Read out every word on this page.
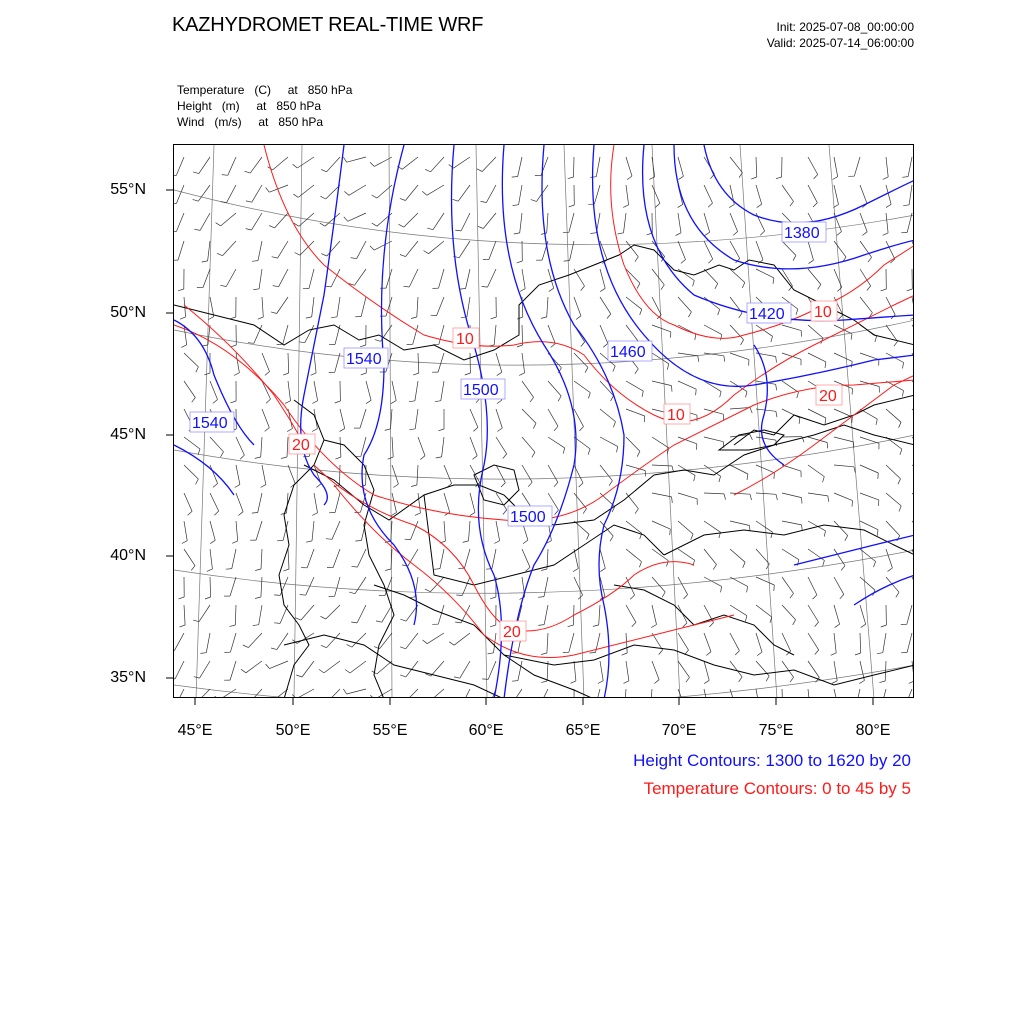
KAZHYDROMET REAL-TIME WRF	Init: 2025-07-08_00:00:00
Valid: 2025-07-14_06:00:00
Temperature   (C)     at   850 hPa
Height   (m)     at   850 hPa
Wind   (m/s)     at   850 hPa
1380
1420
1460
1500
1500
1540
1540
10
10
10
20
20
20
55°N
50°N
45°N
40°N
35°N
45°E	50°E	55°E	60°E	65°E	70°E	75°E	80°E
Height Contours: 1300 to 1620 by 20
Temperature Contours: 0 to 45 by 5
